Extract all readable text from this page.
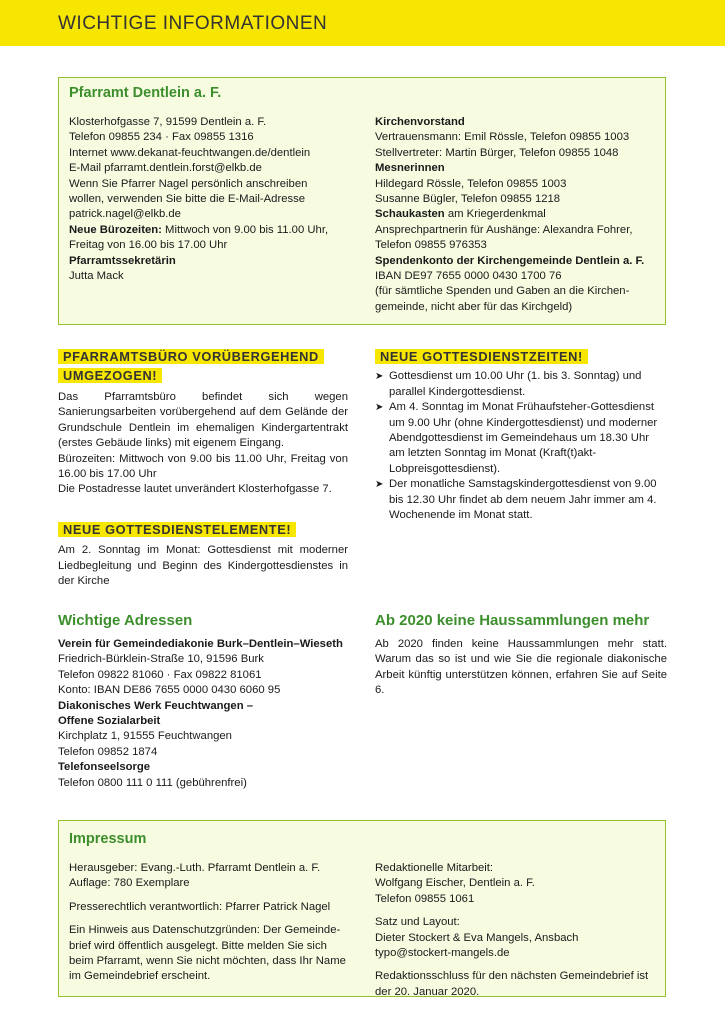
WICHTIGE INFORMATIONEN
Pfarramt Dentlein a. F.
Klosterhofgasse 7, 91599 Dentlein a. F.
Telefon 09855 234 · Fax 09855 1316
Internet www.dekanat-feuchtwangen.de/dentlein
E-Mail pfarramt.dentlein.forst@elkb.de
Wenn Sie Pfarrer Nagel persönlich anschreiben
wollen, verwenden Sie bitte die E-Mail-Adresse
patrick.nagel@elkb.de
Neue Bürozeiten: Mittwoch von 9.00 bis 11.00 Uhr,
Freitag von 16.00 bis 17.00 Uhr
Pfarramtssekretärin
Jutta Mack
Kirchenvorstand
Vertrauensmann: Emil Rössle, Telefon 09855 1003
Stellvertreter: Martin Bürger, Telefon 09855 1048
Mesnerinnen
Hildegard Rössle, Telefon 09855 1003
Susanne Bügler, Telefon 09855 1218
Schaukasten am Kriegerdenkmal
Ansprechpartnerin für Aushänge: Alexandra Fohrer,
Telefon 09855 976353
Spendenkonto der Kirchengemeinde Dentlein a. F.
IBAN DE97 7655 0000 0430 1700 76
(für sämtliche Spenden und Gaben an die Kirchen-
gemeinde, nicht aber für das Kirchgeld)
PFARRAMTSBÜRO VORÜBERGEHEND UMGEZOGEN!
Das Pfarramtsbüro befindet sich wegen Sanierungsarbeiten vorübergehend auf dem Gelände der Grundschule Dentlein im ehemaligen Kindergartentrakt (erstes Gebäude links) mit eigenem Eingang.
Bürozeiten: Mittwoch von 9.00 bis 11.00 Uhr, Freitag von 16.00 bis 17.00 Uhr
Die Postadresse lautet unverändert Klosterhofgasse 7.
NEUE GOTTESDIENSTELEMENTE!
Am 2. Sonntag im Monat: Gottesdienst mit moderner Liedbegleitung und Beginn des Kindergottesdienstes in der Kirche
NEUE GOTTESDIENSTZEITEN!
➤ Gottesdienst um 10.00 Uhr (1. bis 3. Sonntag) und parallel Kindergottesdienst.
➤ Am 4. Sonntag im Monat Frühaufsteher-Gottesdienst um 9.00 Uhr (ohne Kindergottesdienst) und moderner Abendgottesdienst im Gemeindehaus um 18.30 Uhr am letzten Sonntag im Monat (Kraft(t)akt-Lobpreisgottesdienst).
➤ Der monatliche Samstagskindergottesdienst von 9.00 bis 12.30 Uhr findet ab dem neuem Jahr immer am 4. Wochenende im Monat statt.
Wichtige Adressen
Verein für Gemeindediakonie Burk–Dentlein–Wieseth
Friedrich-Bürklein-Straße 10, 91596 Burk
Telefon 09822 81060 · Fax 09822 81061
Konto: IBAN DE86 7655 0000 0430 6060 95
Diakonisches Werk Feuchtwangen –
Offene Sozialarbeit
Kirchplatz 1, 91555 Feuchtwangen
Telefon 09852 1874
Telefonseelsorge
Telefon 0800 111 0 111 (gebührenfrei)
Ab 2020 keine Haussammlungen mehr
Ab 2020 finden keine Haussammlungen mehr statt. Warum das so ist und wie Sie die regionale diakonische Arbeit künftig unterstützen können, erfahren Sie auf Seite 6.
Impressum
Herausgeber: Evang.-Luth. Pfarramt Dentlein a. F.
Auflage: 780 Exemplare
Presserechtlich verantwortlich: Pfarrer Patrick Nagel
Ein Hinweis aus Datenschutzgründen: Der Gemeinde-
brief wird öffentlich ausgelegt. Bitte melden Sie sich
beim Pfarramt, wenn Sie nicht möchten, dass Ihr Name
im Gemeindebrief erscheint.
Redaktionelle Mitarbeit:
Wolfgang Eischer, Dentlein a. F.
Telefon 09855 1061
Satz und Layout:
Dieter Stockert & Eva Mangels, Ansbach
typo@stockert-mangels.de
Redaktionsschluss für den nächsten Gemeindebrief ist
der 20. Januar 2020.
